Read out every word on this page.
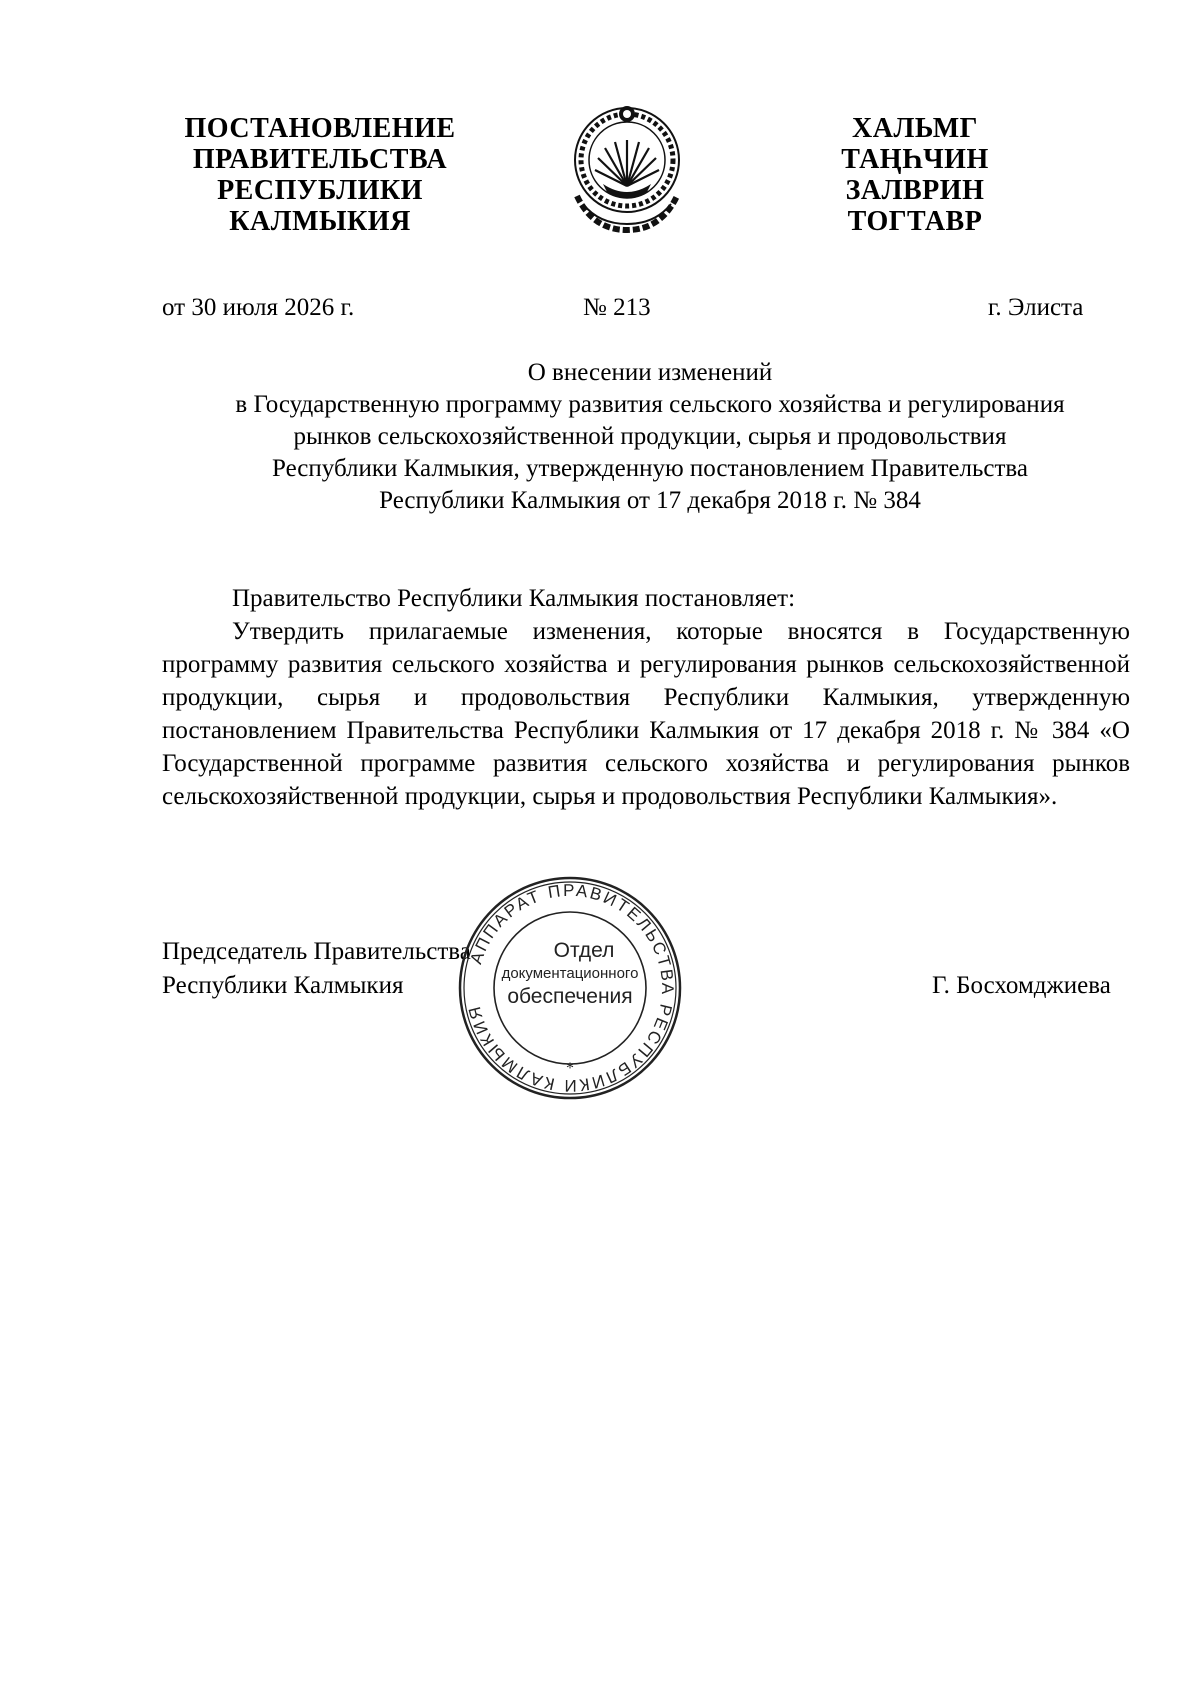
ПОСТАНОВЛЕНИЕ
ПРАВИТЕЛЬСТВА
РЕСПУБЛИКИ
КАЛМЫКИЯ
ХАЛЬМГ
ТАҢҺЧИН
ЗАЛВРИН
ТОГТАВР
от 30 июля 2026 г.	№ 213	г. Элиста
О внесении изменений
в Государственную программу развития сельского хозяйства и регулирования
рынков сельскохозяйственной продукции, сырья и продовольствия
Республики Калмыкия, утвержденную постановлением Правительства
Республики Калмыкия от 17 декабря 2018 г. № 384

Правительство Республики Калмыкия постановляет:

Утвердить прилагаемые изменения, которые вносятся в Государственную программу развития сельского хозяйства и регулирования рынков сельскохозяйственной продукции, сырья и продовольствия Республики Калмыкия, утвержденную постановлением Правительства Республики Калмыкия от 17 декабря 2018 г. № 384 «О Государственной программе развития сельского хозяйства и регулирования рынков сельскохозяйственной продукции, сырья и продовольствия Республики Калмыкия».

Председатель Правительства
Республики Калмыкия
АППАРАТ ПРАВИТЕЛЬСТВА РЕСПУБЛИКИ КАЛМЫКИЯ
*
Отдел
документационного
обеспечения	Г. Босхомджиева
